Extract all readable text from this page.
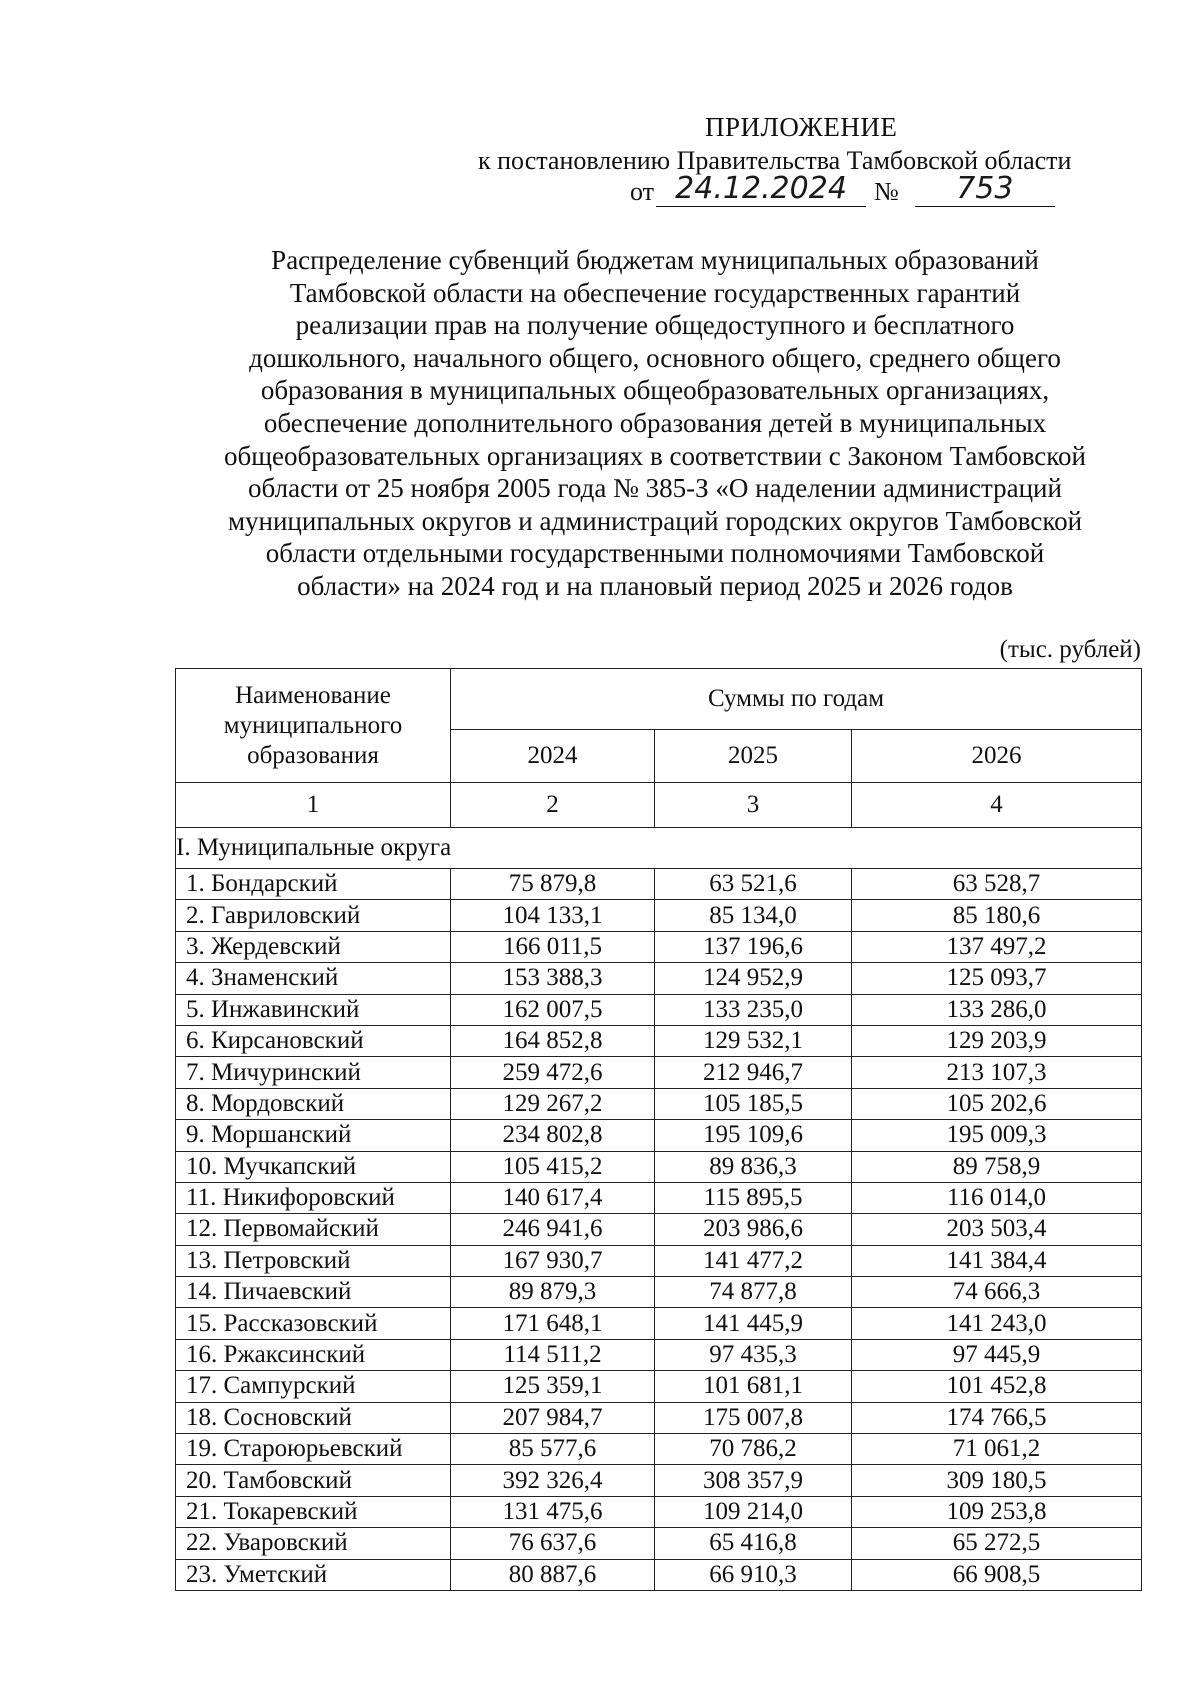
ПРИЛОЖЕНИЕ
к постановлению Правительства Тамбовской области
от 24.12.2024	№	753
Распределение субвенций бюджетам муниципальных образований
Тамбовской области на обеспечение государственных гарантий
реализации прав на получение общедоступного и бесплатного
дошкольного, начального общего, основного общего, среднего общего
образования в муниципальных общеобразовательных организациях,
обеспечение дополнительного образования детей в муниципальных
общеобразовательных организациях в соответствии с Законом Тамбовской
области от 25 ноября 2005 года № 385-З «О наделении администраций
муниципальных округов и администраций городских округов Тамбовской
области отдельными государственными полномочиями Тамбовской
области» на 2024 год и на плановый период 2025 и 2026 годов
(тыс. рублей)
Наименование муниципального образования	Суммы по годам		
	2024	2025	2026
1	2	3	4
I. Муниципальные округа			
1. Бондарский	75 879,8	63 521,6	63 528,7
2. Гавриловский	104 133,1	85 134,0	85 180,6
3. Жердевский	166 011,5	137 196,6	137 497,2
4. Знаменский	153 388,3	124 952,9	125 093,7
5. Инжавинский	162 007,5	133 235,0	133 286,0
6. Кирсановский	164 852,8	129 532,1	129 203,9
7. Мичуринский	259 472,6	212 946,7	213 107,3
8. Мордовский	129 267,2	105 185,5	105 202,6
9. Моршанский	234 802,8	195 109,6	195 009,3
10. Мучкапский	105 415,2	89 836,3	89 758,9
11. Никифоровский	140 617,4	115 895,5	116 014,0
12. Первомайский	246 941,6	203 986,6	203 503,4
13. Петровский	167 930,7	141 477,2	141 384,4
14. Пичаевский	89 879,3	74 877,8	74 666,3
15. Рассказовский	171 648,1	141 445,9	141 243,0
16. Ржаксинский	114 511,2	97 435,3	97 445,9
17. Сампурский	125 359,1	101 681,1	101 452,8
18. Сосновский	207 984,7	175 007,8	174 766,5
19. Староюрьевский	85 577,6	70 786,2	71 061,2
20. Тамбовский	392 326,4	308 357,9	309 180,5
21. Токаревский	131 475,6	109 214,0	109 253,8
22. Уваровский	76 637,6	65 416,8	65 272,5
23. Уметский	80 887,6	66 910,3	66 908,5
